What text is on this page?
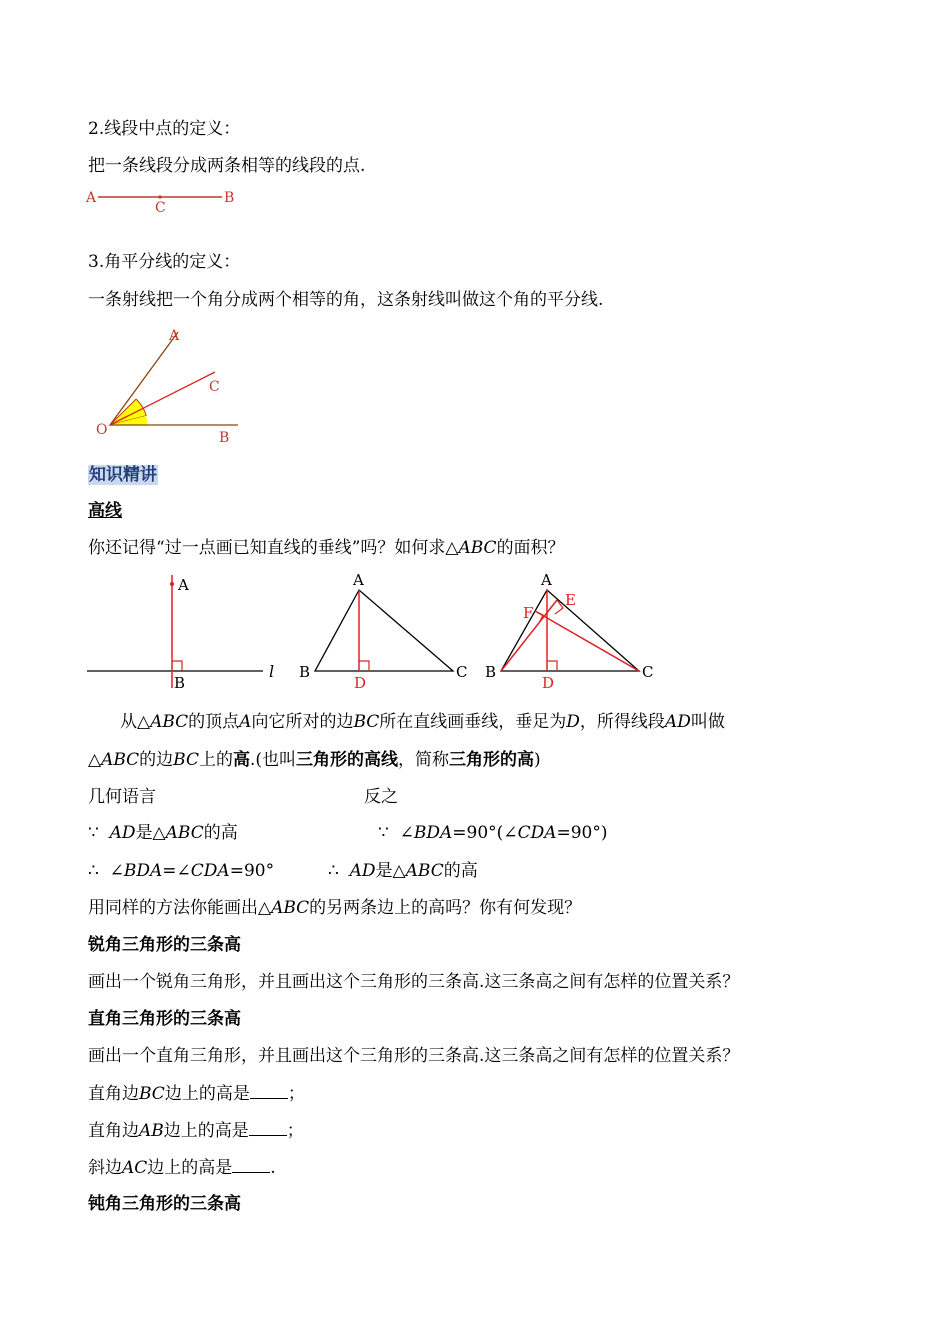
2.线段中点的定义：
把一条线段分成两条相等的线段的点.
A
C
B
3.角平分线的定义：
一条射线把一个角分成两个相等的角，这条射线叫做这个角的平分线.
A
C
O	B
知识精讲
高线
你还记得“过一点画已知直线的垂线”吗？如何求△ABC的面积？
A
B
l
A
B	C
D
A
E
F
B	C
D
从△ABC的顶点A向它所对的边BC所在直线画垂线，垂足为D，所得线段AD叫做
△ABC的边BC上的高.(也叫三角形的高线，简称三角形的高)
几何语言	反之
∵ AD是△ABC的高	∵ ∠BDA=90°(∠CDA=90°)
∴ ∠BDA=∠CDA=90°	∴ AD是△ABC的高
用同样的方法你能画出△ABC的另两条边上的高吗？你有何发现？
锐角三角形的三条高
画出一个锐角三角形，并且画出这个三角形的三条高.这三条高之间有怎样的位置关系？
直角三角形的三条高
画出一个直角三角形，并且画出这个三角形的三条高.这三条高之间有怎样的位置关系？
直角边BC边上的高是 ；
直角边AB边上的高是 ；
斜边AC边上的高是 .
钝角三角形的三条高
